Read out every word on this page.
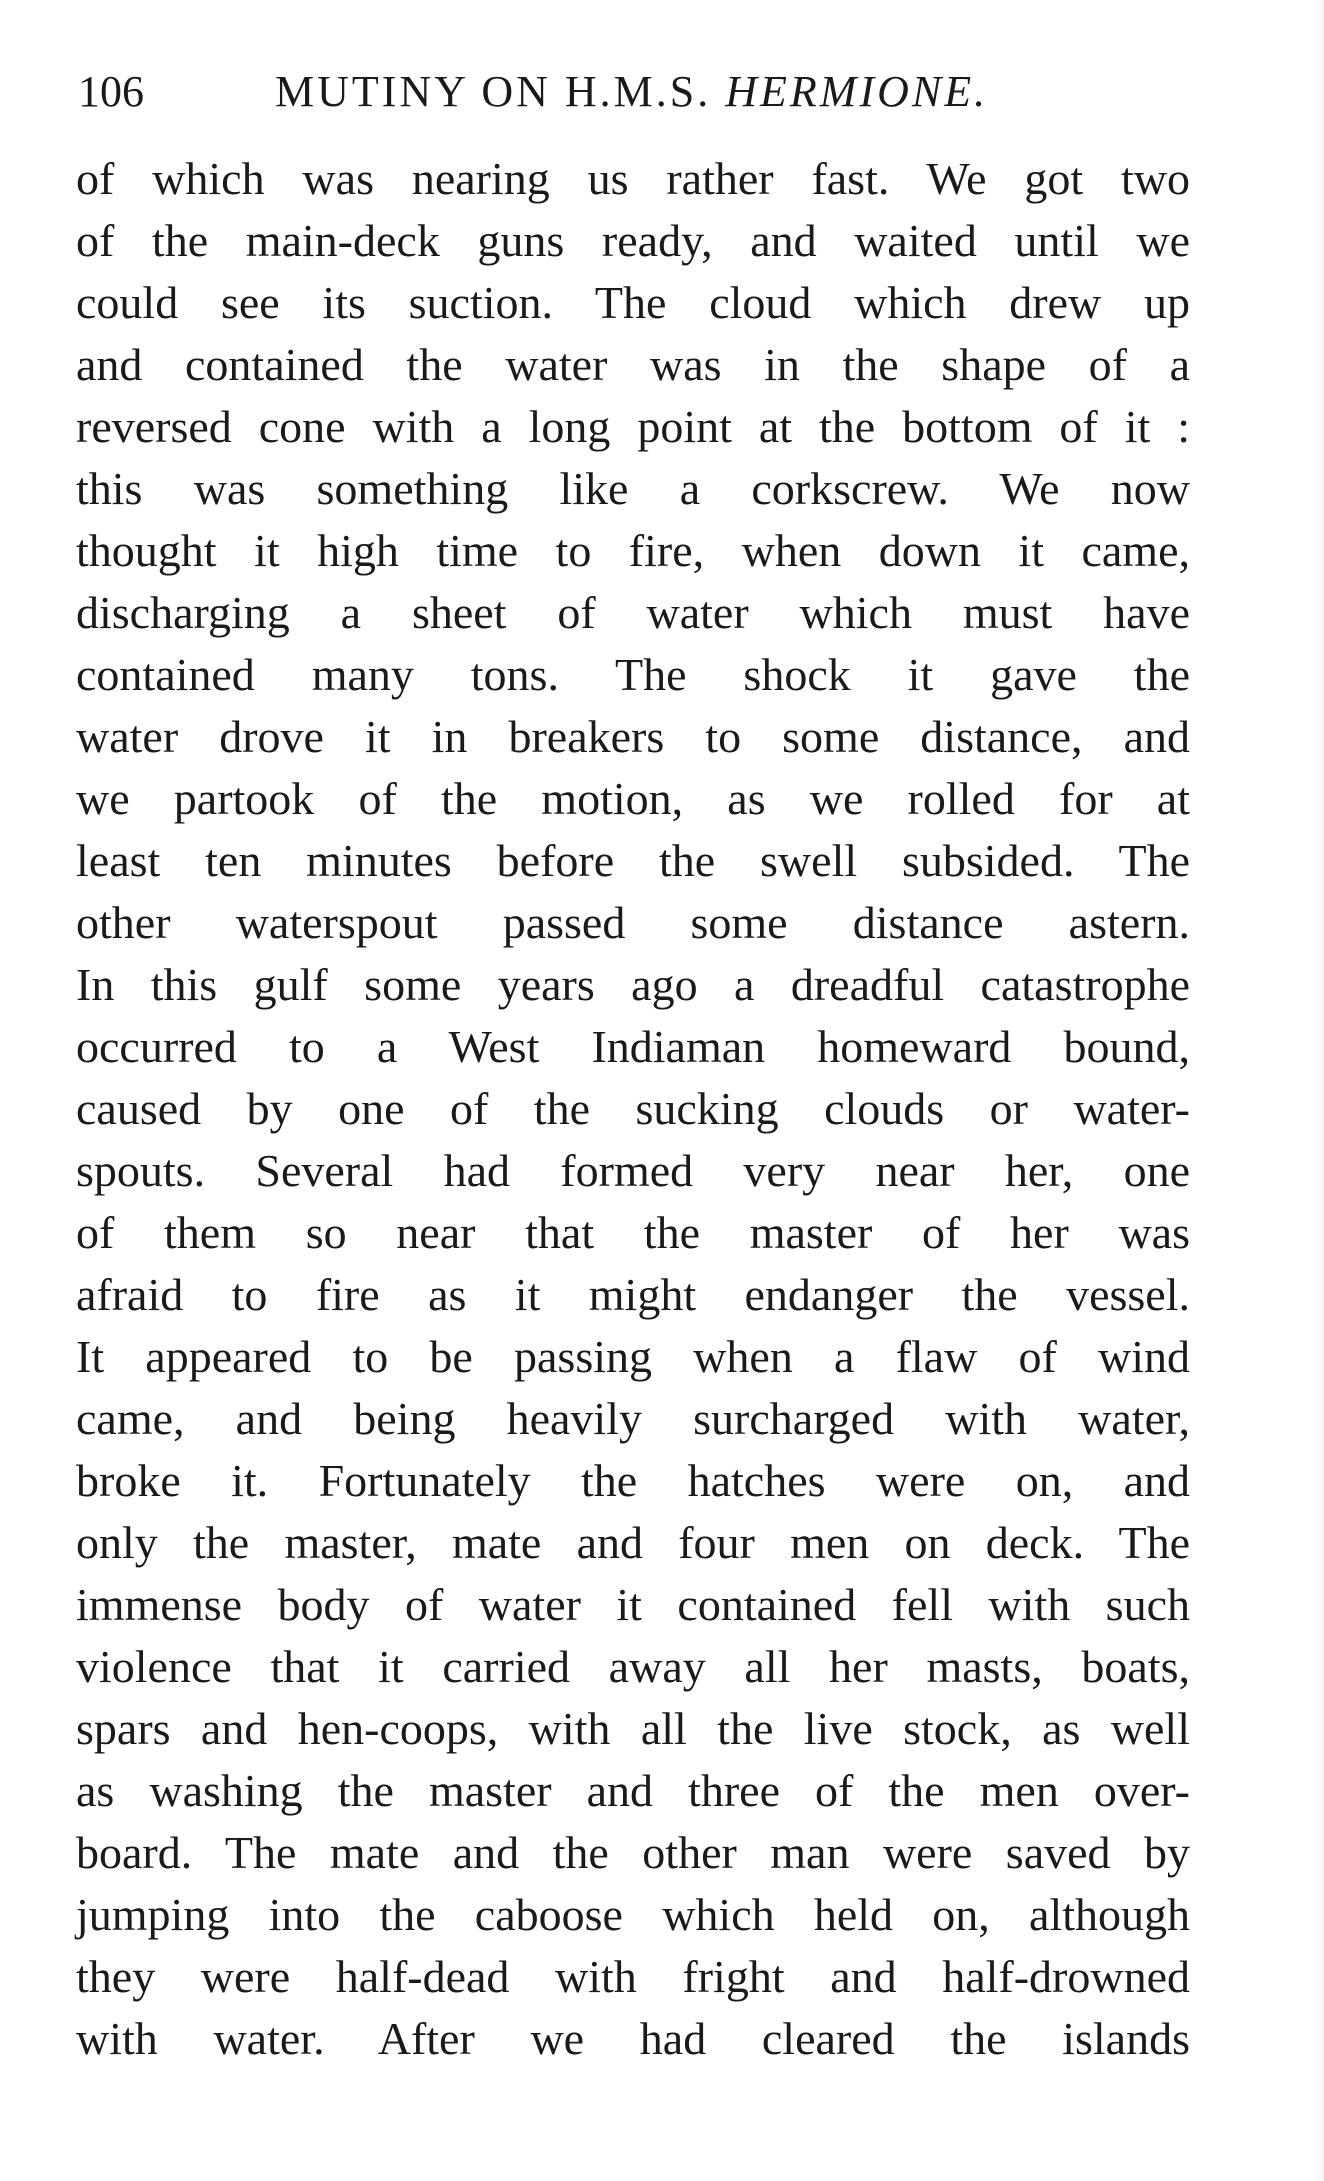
106	MUTINY ON H.M.S. HERMIONE.
of which was nearing us rather fast. We got two
of the main-deck guns ready, and waited until we
could see its suction. The cloud which drew up
and contained the water was in the shape of a
reversed cone with a long point at the bottom of it :
this was something like a corkscrew. We now
thought it high time to fire, when down it came,
discharging a sheet of water which must have
contained many tons. The shock it gave the
water drove it in breakers to some distance, and
we partook of the motion, as we rolled for at
least ten minutes before the swell subsided. The
other waterspout passed some distance astern.
In this gulf some years ago a dreadful catastrophe
occurred to a West Indiaman homeward bound,
caused by one of the sucking clouds or water-
spouts. Several had formed very near her, one
of them so near that the master of her was
afraid to fire as it might endanger the vessel.
It appeared to be passing when a flaw of wind
came, and being heavily surcharged with water,
broke it. Fortunately the hatches were on, and
only the master, mate and four men on deck. The
immense body of water it contained fell with such
violence that it carried away all her masts, boats,
spars and hen-coops, with all the live stock, as well
as washing the master and three of the men over-
board. The mate and the other man were saved by
jumping into the caboose which held on, although
they were half-dead with fright and half-drowned
with water. After we had cleared the islands
